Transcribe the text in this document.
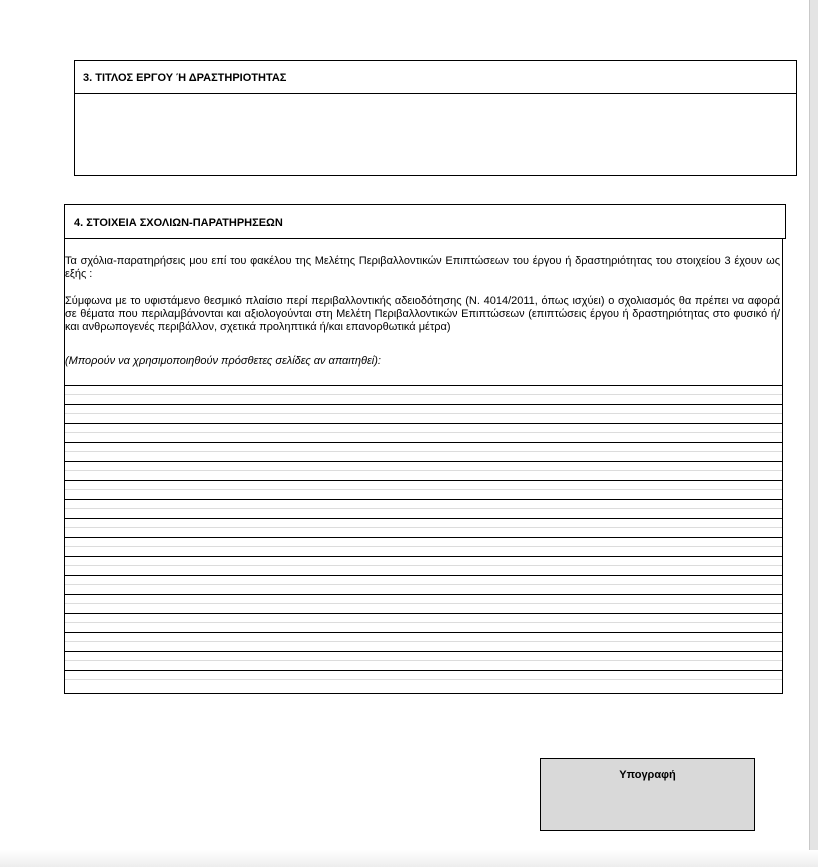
3. ΤΙΤΛΟΣ ΕΡΓΟΥ Ή ΔΡΑΣΤΗΡΙΟΤΗΤΑΣ
4. ΣΤΟΙΧΕΙΑ ΣΧΟΛΙΩΝ-ΠΑΡΑΤΗΡΗΣΕΩΝ
Τα σχόλια-παρατηρήσεις μου επί του φακέλου της Μελέτης Περιβαλλοντικών Επιπτώσεων του έργου ή δραστηριότητας του στοιχείου 3 έχουν ως εξής :
Σύμφωνα με το υφιστάμενο θεσμικό πλαίσιο περί περιβαλλοντικής αδειοδότησης (Ν. 4014/2011, όπως ισχύει) ο σχολιασμός θα πρέπει να αφορά σε θέματα που περιλαμβάνονται και αξιολογούνται στη Μελέτη Περιβαλλοντικών Επιπτώσεων (επιπτώσεις έργου ή δραστηριότητας στο φυσικό ή/και ανθρωπογενές περιβάλλον, σχετικά προληπτικά ή/και επανορθωτικά μέτρα)
(Μπορούν να χρησιμοποιηθούν πρόσθετες σελίδες αν απαιτηθεί):
Υπογραφή
